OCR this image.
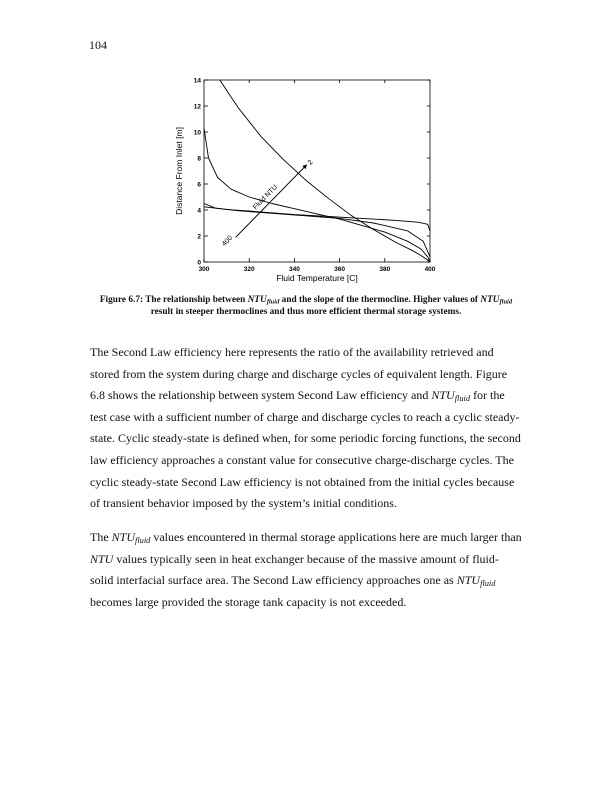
104
300	320	340	360	380	400
0
2
4
6
8
10
12
14
Fluid Temperature [C]
Distance From Inlet [m]	Fluid NTU
2
400
Figure 6.7: The relationship between $NTU_{fluid}$ and the slope of the thermocline. Higher values of $NTU_{fluid}$ result in steeper thermoclines and thus more efficient thermal storage systems.

The Second Law efficiency here represents the ratio of the availability retrieved and stored from the system during charge and discharge cycles of equivalent length. Figure 6.8 shows the relationship between system Second Law efficiency and $NTU_{fluid}$ for the test case with a sufficient number of charge and discharge cycles to reach a cyclic steady-state. Cyclic steady-state is defined when, for some periodic forcing functions, the second law efficiency approaches a constant value for consecutive charge-discharge cycles. The cyclic steady-state Second Law efficiency is not obtained from the initial cycles because of transient behavior imposed by the system’s initial conditions.

The $NTU_{fluid}$ values encountered in thermal storage applications here are much larger than NTU values typically seen in heat exchanger because of the massive amount of fluid-solid interfacial surface area. The Second Law efficiency approaches one as $NTU_{fluid}$ becomes large provided the storage tank capacity is not exceeded.
